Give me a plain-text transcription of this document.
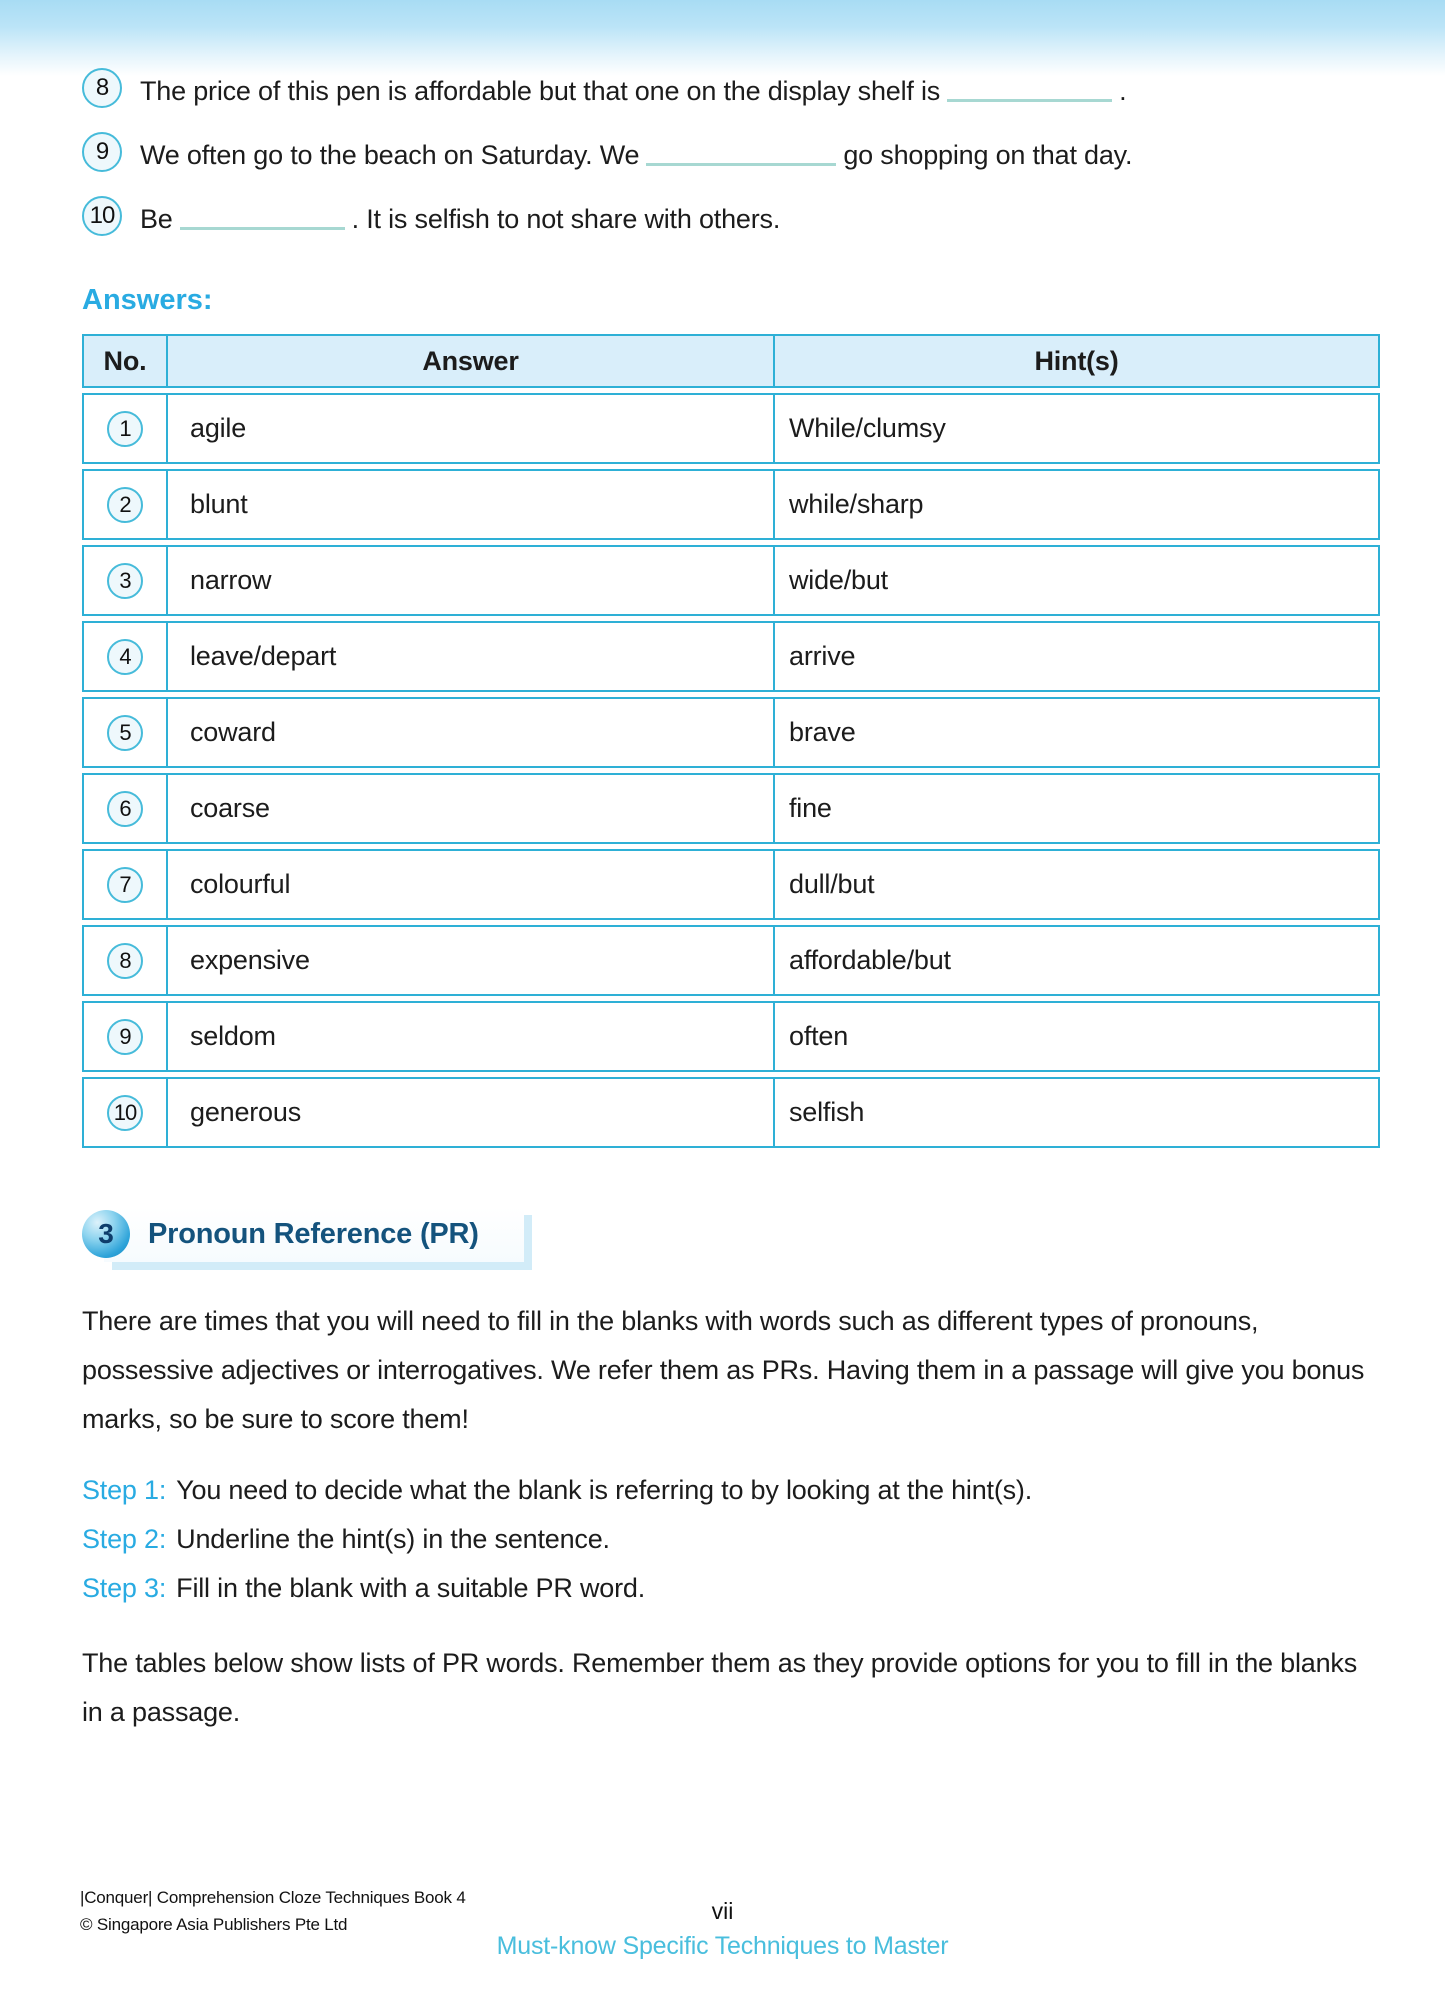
8	The price of this pen is affordable but that one on the display shelf is	.
9	We often go to the beach on Saturday. We	go shopping on that day.
10 Be	. It is selfish to not share with others.
Answers:
No.	Answer	Hint(s)
1	agile	While/clumsy
2	blunt	while/sharp
3	narrow	wide/but
4	leave/depart	arrive
5	coward	brave
6	coarse	fine
7	colourful	dull/but
8	expensive	affordable/but
9	seldom	often
10	generous	selfish
3	Pronoun Reference (PR)
There are times that you will need to fill in the blanks with words such as different types of pronouns, possessive adjectives or interrogatives. We refer them as PRs. Having them in a passage will give you bonus marks, so be sure to score them!
Step 1: You need to decide what the blank is referring to by looking at the hint(s).
Step 2: Underline the hint(s) in the sentence.
Step 3: Fill in the blank with a suitable PR word.
The tables below show lists of PR words. Remember them as they provide options for you to fill in the blanks in a passage.
|Conquer| Comprehension Cloze Techniques Book 4
© Singapore Asia Publishers Pte Ltd
vii
Must-know Specific Techniques to Master
